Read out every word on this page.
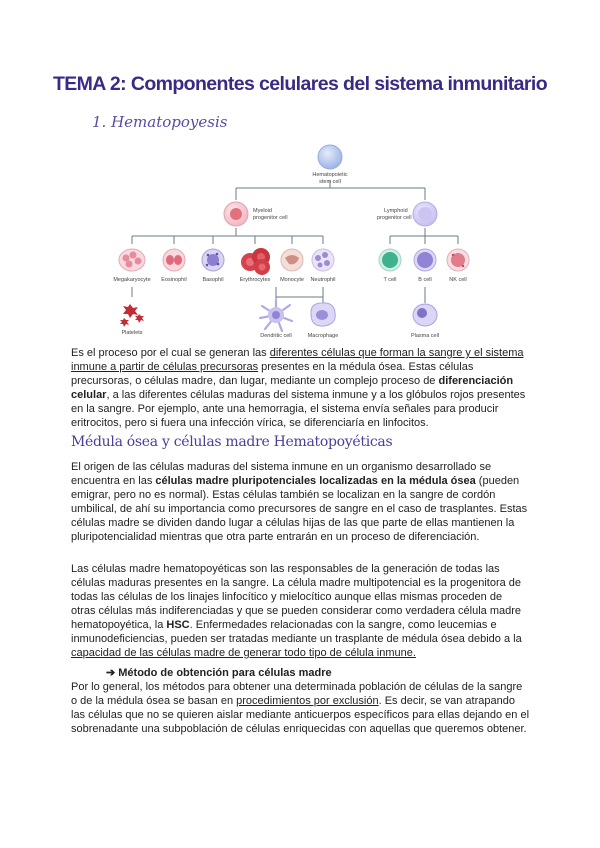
TEMA 2: Componentes celulares del sistema inmunitario
1. Hematopoyesis
Hematopoietic
stem cell
Myeloid
progenitor cell
Lymphoid
progenitor cell
Megakaryocyte Eosinophil	Basophil	Erythrocytes Monocyte Neutrophil	T cell	B cell	NK cell
Platelets	Dendritic cell	Macrophage	Plasma cell
Es el proceso por el cual se generan las diferentes células que forman la sangre y el sistema inmune a partir de células precursoras presentes en la médula ósea. Estas células precursoras, o células madre, dan lugar, mediante un complejo proceso de diferenciación celular, a las diferentes células maduras del sistema inmune y a los glóbulos rojos presentes en la sangre. Por ejemplo, ante una hemorragia, el sistema envía señales para producir eritrocitos, pero si fuera una infección vírica, se diferenciaría en linfocitos.
Médula ósea y células madre Hematopoyéticas
El origen de las células maduras del sistema inmune en un organismo desarrollado se encuentra en las células madre pluripotenciales localizadas en la médula ósea (pueden emigrar, pero no es normal). Estas células también se localizan en la sangre de cordón umbilical, de ahí su importancia como precursores de sangre en el caso de trasplantes. Estas células madre se dividen dando lugar a células hijas de las que parte de ellas mantienen la pluripotencialidad mientras que otra parte entrarán en un proceso de diferenciación.
Las células madre hematopoyéticas son las responsables de la generación de todas las células maduras presentes en la sangre. La célula madre multipotencial es la progenitora de todas las células de los linajes linfocítico y mielocítico aunque ellas mismas proceden de otras células más indiferenciadas y que se pueden considerar como verdadera célula madre hematopoyética, la HSC. Enfermedades relacionadas con la sangre, como leucemias e inmunodeficiencias, pueden ser tratadas mediante un trasplante de médula ósea debido a la capacidad de las células madre de generar todo tipo de célula inmune.
➔ Método de obtención para células madre
Por lo general, los métodos para obtener una determinada población de células de la sangre o de la médula ósea se basan en procedimientos por exclusión. Es decir, se van atrapando las células que no se quieren aislar mediante anticuerpos específicos para ellas dejando en el sobrenadante una subpoblación de células enriquecidas con aquellas que queremos obtener.
